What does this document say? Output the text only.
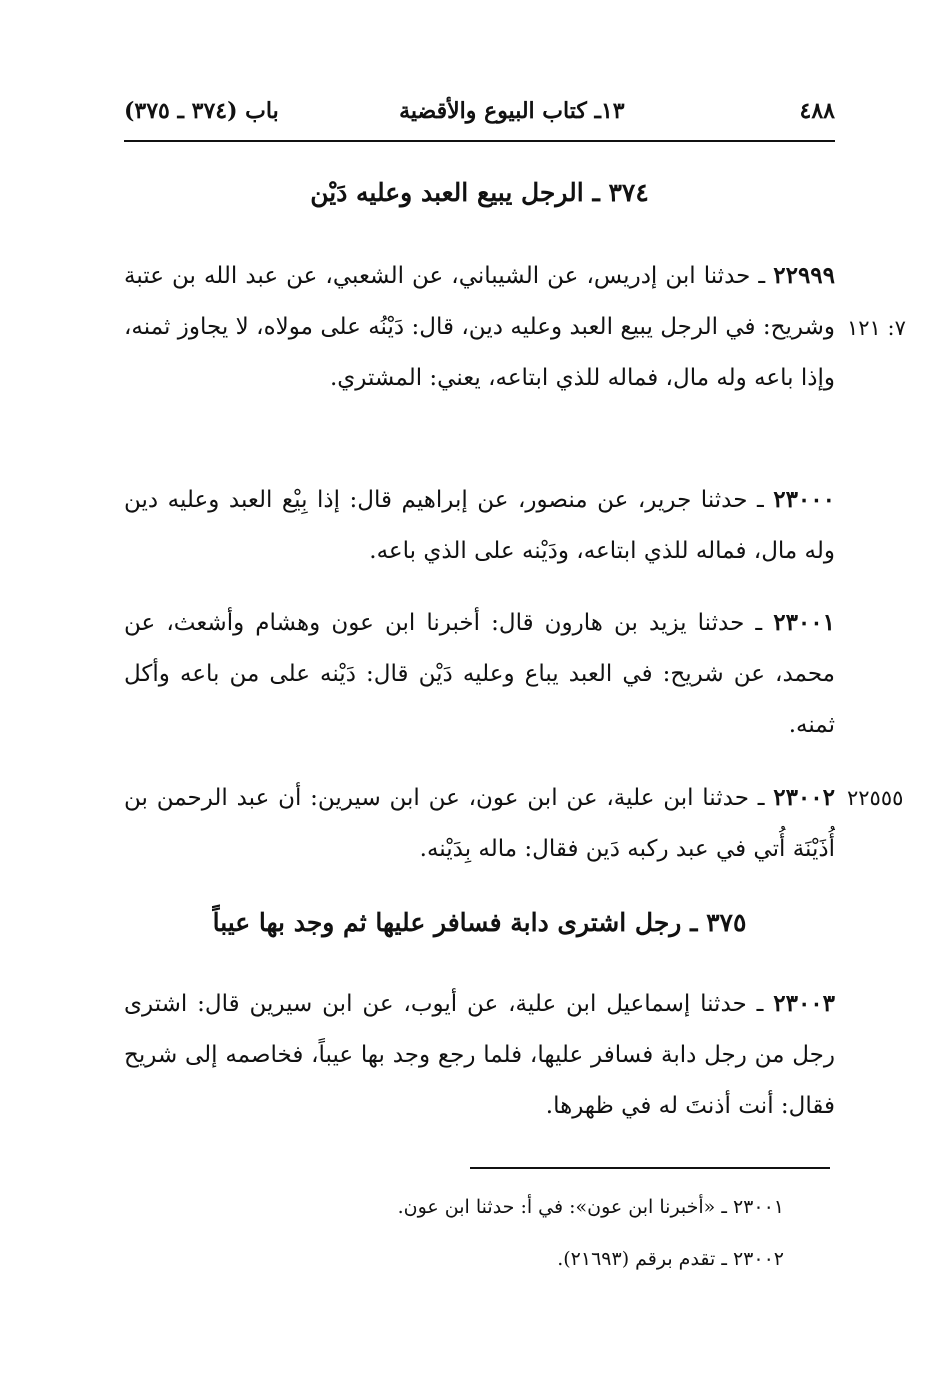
٤٨٨
١٣ـ كتاب البيوع والأقضية
باب (٣٧٤ ـ ٣٧٥)
٣٧٤ ـ الرجل يبيع العبد وعليه دَيْن
٢٢٩٩٩ ـ حدثنا ابن إدريس، عن الشيباني، عن الشعبي، عن عبد الله بن عتبة وشريح: في الرجل يبيع العبد وعليه دين، قال: دَيْنُه على مولاه، لا يجاوز ثمنه، وإذا باعه وله مال، فماله للذي ابتاعه، يعني: المشتري.
٧: ١٢١
٢٣٠٠٠ ـ حدثنا جرير، عن منصور، عن إبراهيم قال: إذا بِيْع العبد وعليه دين وله مال، فماله للذي ابتاعه، ودَيْنه على الذي باعه.
٢٣٠٠١ ـ حدثنا يزيد بن هارون قال: أخبرنا ابن عون وهشام وأشعث، عن محمد، عن شريح: في العبد يباع وعليه دَيْن قال: دَيْنه على من باعه وأكل ثمنه.
٢٣٠٠٢ ـ حدثنا ابن علية، عن ابن عون، عن ابن سيرين: أن عبد الرحمن بن أُذَيْنَة أُتي في عبد ركبه دَين فقال: ماله بِدَيْنه.
٢٢٥٥٥
٣٧٥ ـ رجل اشترى دابة فسافر عليها ثم وجد بها عيباً
٢٣٠٠٣ ـ حدثنا إسماعيل ابن علية، عن أيوب، عن ابن سيرين قال: اشترى رجل من رجل دابة فسافر عليها، فلما رجع وجد بها عيباً، فخاصمه إلى شريح فقال: أنت أذنتَ له في ظهرها.
٢٣٠٠١ ـ «أخبرنا ابن عون»: في أ: حدثنا ابن عون.
٢٣٠٠٢ ـ تقدم برقم (٢١٦٩٣).
